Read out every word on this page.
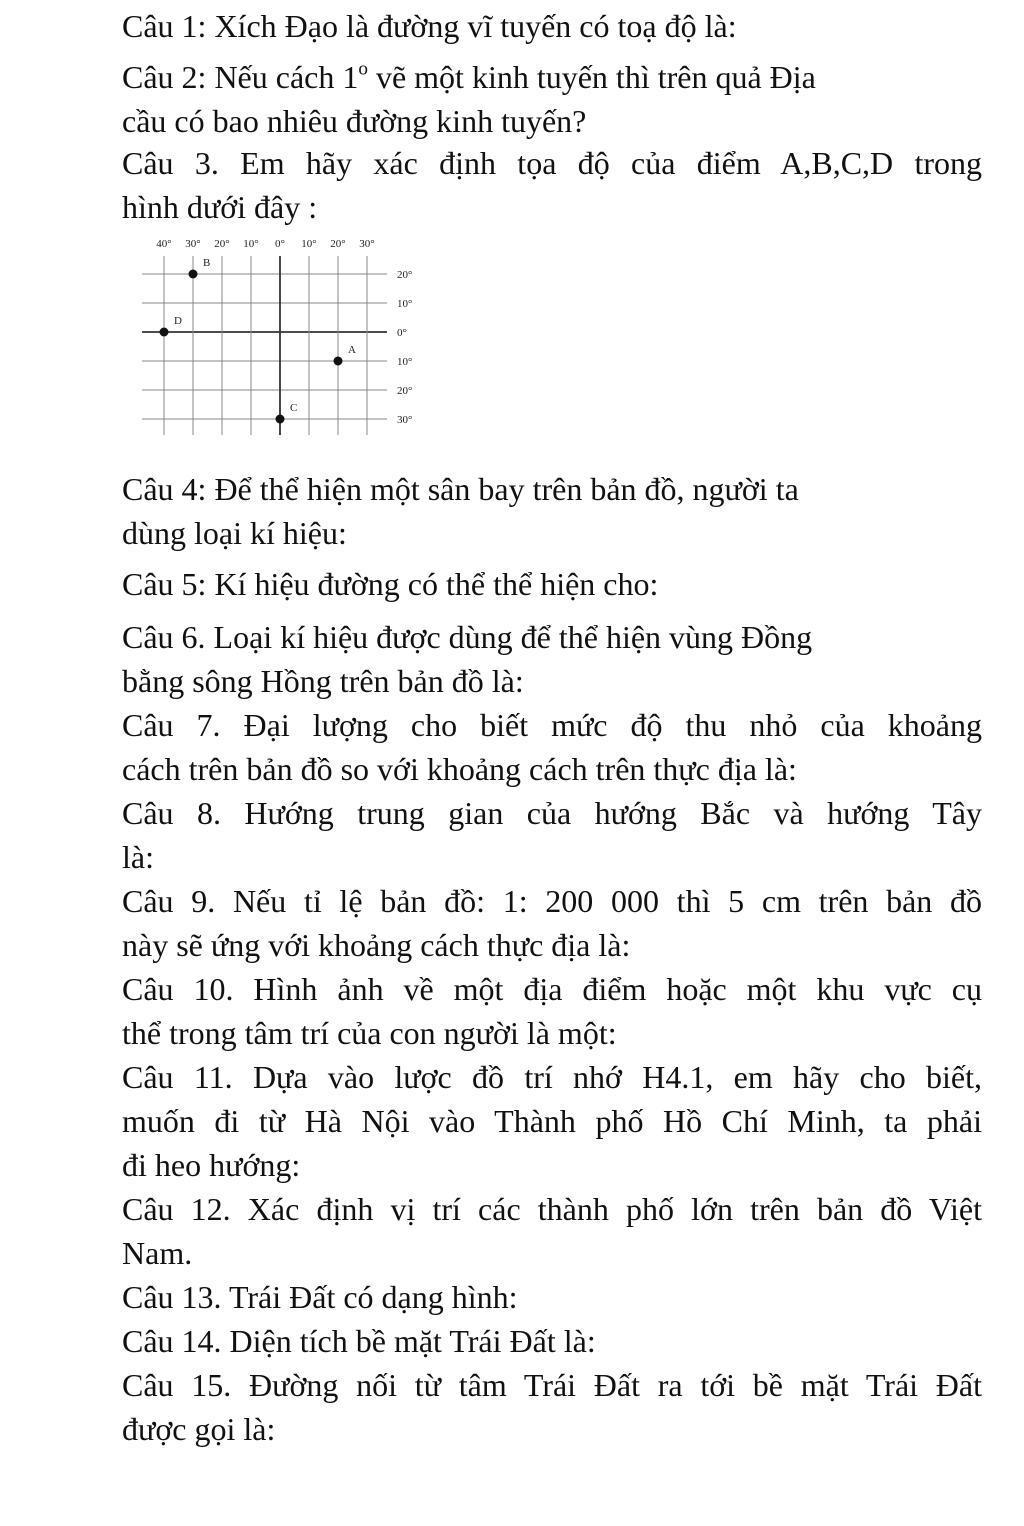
Câu 1: Xích Đạo là đường vĩ tuyến có toạ độ là:

Câu 2: Nếu cách 1$^o$ vẽ một kinh tuyến thì trên quả Địa
cầu có bao nhiêu đường kinh tuyến?

Câu 3. Em hãy xác định tọa độ của điểm A,B,C,D trong
hình dưới đây :

40° 30° 20° 10° 0° 10° 20° 30°
20°
10°
0°
10°
20°
30°
B
D
A
C

Câu 4: Để thể hiện một sân bay trên bản đồ, người ta
dùng loại kí hiệu:

Câu 5: Kí hiệu đường có thể thể hiện cho:

Câu 6. Loại kí hiệu được dùng để thể hiện vùng Đồng
bằng sông Hồng trên bản đồ là:

Câu 7. Đại lượng cho biết mức độ thu nhỏ của khoảng
cách trên bản đồ so với khoảng cách trên thực địa là:

Câu 8. Hướng trung gian của hướng Bắc và hướng Tây
là:

Câu 9. Nếu tỉ lệ bản đồ: 1: 200 000 thì 5 cm trên bản đồ
này sẽ ứng với khoảng cách thực địa là:

Câu 10. Hình ảnh về một địa điểm hoặc một khu vực cụ
thể trong tâm trí của con người là một:

Câu 11. Dựa vào lược đồ trí nhớ H4.1, em hãy cho biết,
muốn đi từ Hà Nội vào Thành phố Hồ Chí Minh, ta phải
đi heo hướng:

Câu 12. Xác định vị trí các thành phố lớn trên bản đồ Việt
Nam.

Câu 13. Trái Đất có dạng hình:

Câu 14. Diện tích bề mặt Trái Đất là:

Câu 15. Đường nối từ tâm Trái Đất ra tới bề mặt Trái Đất
được gọi là:
